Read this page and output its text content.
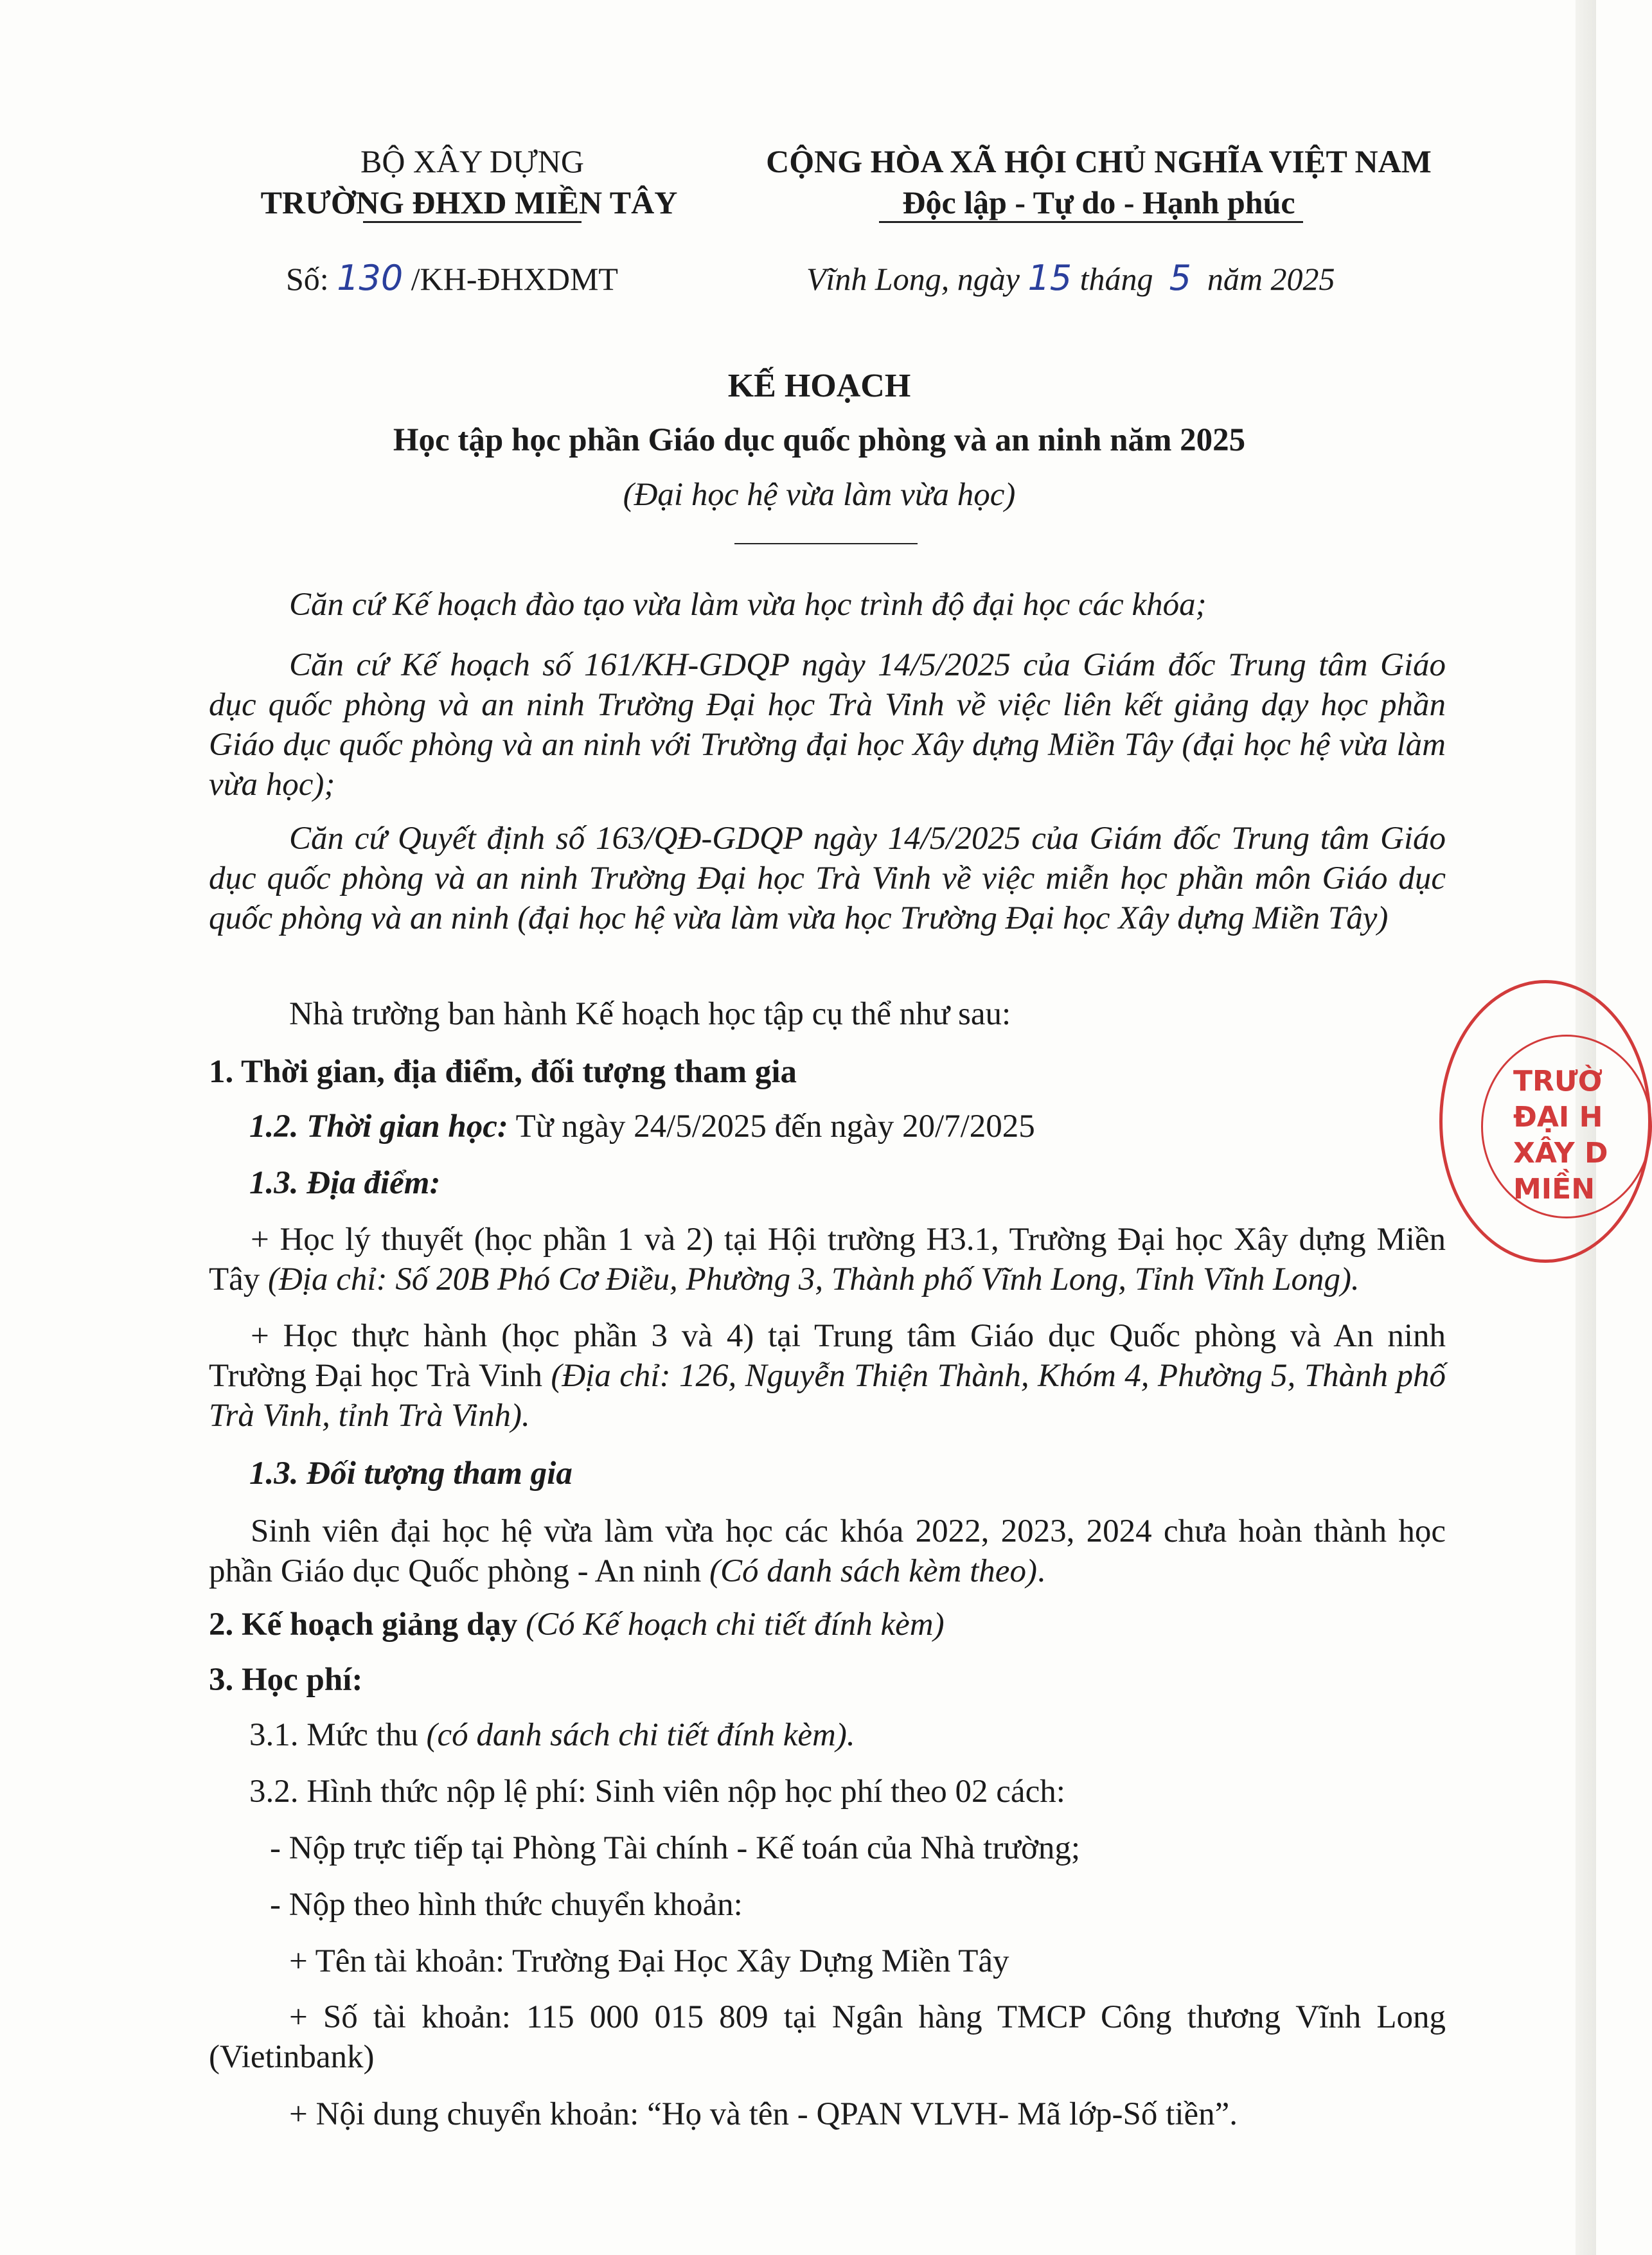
BỘ XÂY DỰNG
TRƯỜNG ĐHXD MIỀN TÂY
Số: 130 /KH-ĐHXDMT
CỘNG HÒA XÃ HỘI CHỦ NGHĨA VIỆT NAM
Độc lập - Tự do - Hạnh phúc
Vĩnh Long, ngày 15 tháng 5 năm 2025
KẾ HOẠCH
Học tập học phần Giáo dục quốc phòng và an ninh năm 2025
(Đại học hệ vừa làm vừa học)

Căn cứ Kế hoạch đào tạo vừa làm vừa học trình độ đại học các khóa;

Căn cứ Kế hoạch số 161/KH-GDQP ngày 14/5/2025 của Giám đốc Trung tâm Giáo dục quốc phòng và an ninh Trường Đại học Trà Vinh về việc liên kết giảng dạy học phần Giáo dục quốc phòng và an ninh với Trường đại học Xây dựng Miền Tây (đại học hệ vừa làm vừa học);

Căn cứ Quyết định số 163/QĐ-GDQP ngày 14/5/2025 của Giám đốc Trung tâm Giáo dục quốc phòng và an ninh Trường Đại học Trà Vinh về việc miễn học phần môn Giáo dục quốc phòng và an ninh (đại học hệ vừa làm vừa học Trường Đại học Xây dựng Miền Tây)

Nhà trường ban hành Kế hoạch học tập cụ thể như sau:

1. Thời gian, địa điểm, đối tượng tham gia
1.2. Thời gian học: Từ ngày 24/5/2025 đến ngày 20/7/2025
1.3. Địa điểm:

+ Học lý thuyết (học phần 1 và 2) tại Hội trường H3.1, Trường Đại học Xây dựng Miền Tây (Địa chỉ: Số 20B Phó Cơ Điều, Phường 3, Thành phố Vĩnh Long, Tỉnh Vĩnh Long).

+ Học thực hành (học phần 3 và 4) tại Trung tâm Giáo dục Quốc phòng và An ninh Trường Đại học Trà Vinh (Địa chỉ: 126, Nguyễn Thiện Thành, Khóm 4, Phường 5, Thành phố Trà Vinh, tỉnh Trà Vinh).

1.3. Đối tượng tham gia

Sinh viên đại học hệ vừa làm vừa học các khóa 2022, 2023, 2024 chưa hoàn thành học phần Giáo dục Quốc phòng - An ninh (Có danh sách kèm theo).

2. Kế hoạch giảng dạy (Có Kế hoạch chi tiết đính kèm)
3. Học phí:
3.1. Mức thu (có danh sách chi tiết đính kèm).
3.2. Hình thức nộp lệ phí: Sinh viên nộp học phí theo 02 cách:
- Nộp trực tiếp tại Phòng Tài chính - Kế toán của Nhà trường;
- Nộp theo hình thức chuyển khoản:
+ Tên tài khoản: Trường Đại Học Xây Dựng Miền Tây

+ Số tài khoản: 115 000 015 809 tại Ngân hàng TMCP Công thương Vĩnh Long (Vietinbank)

+ Nội dung chuyển khoản: “Họ và tên - QPAN VLVH- Mã lớp-Số tiền”.
TRƯỜ
ĐẠI H
XÂY D
MIỀN
